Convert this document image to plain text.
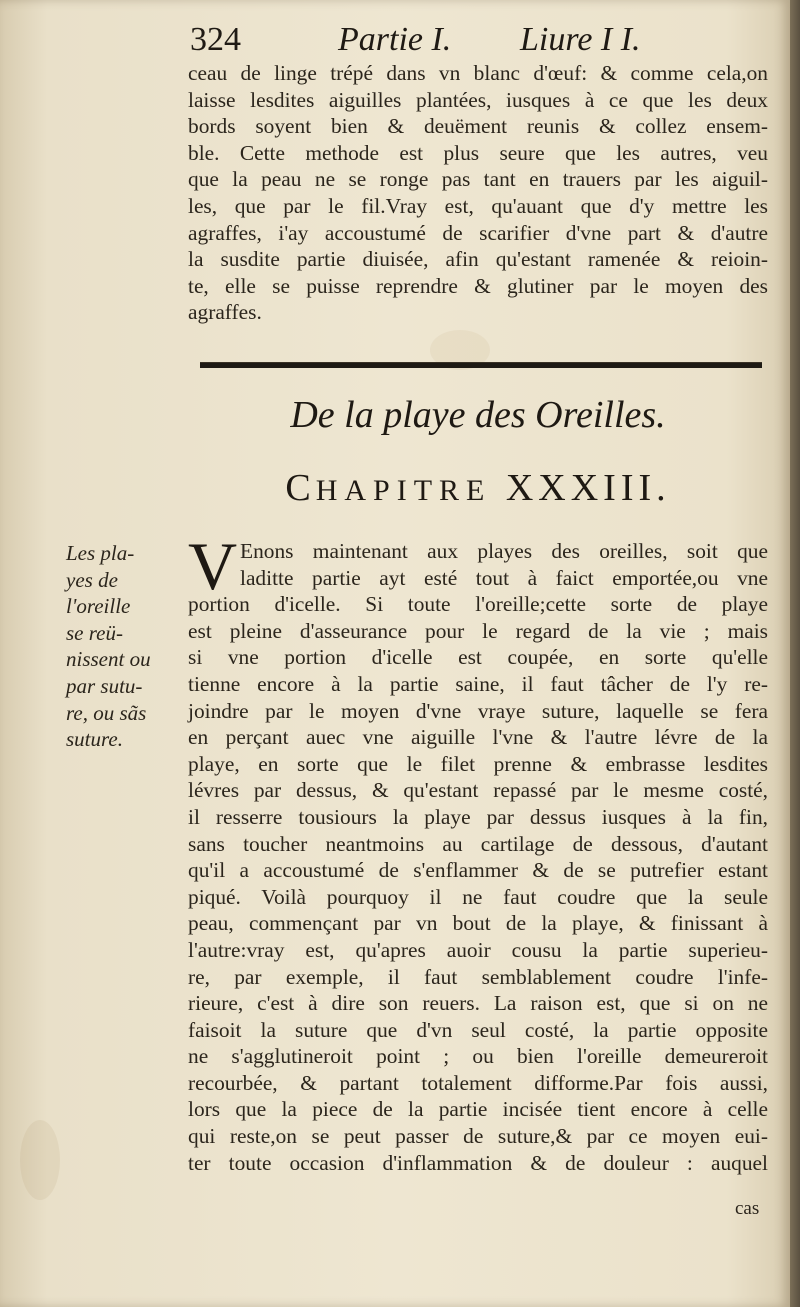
324	Partie I. Liure I I.
ceau de linge trépé dans vn blanc d'œuf: & comme cela,on
laisse lesdites aiguilles plantées, iusques à ce que les deux
bords soyent bien & deuëment reunis & collez ensem-
ble. Cette methode est plus seure que les autres, veu
que la peau ne se ronge pas tant en trauers par les aiguil-
les, que par le fil.Vray est, qu'auant que d'y mettre les
agraffes, i'ay accoustumé de scarifier d'vne part & d'autre
la susdite partie diuisée, afin qu'estant ramenée & reioin-
te, elle se puisse reprendre & glutiner par le moyen des
agraffes.
De la playe des Oreilles.
CHAPITRE XXXIII.
Les pla-
yes de
l'oreille
se reü-
nissent ou
par sutu-
re, ou sãs
suture.
V Enons maintenant aux playes des oreilles, soit que
laditte partie ayt esté tout à faict emportée,ou vne
portion d'icelle. Si toute l'oreille;cette sorte de playe
est pleine d'asseurance pour le regard de la vie ; mais
si vne portion d'icelle est coupée, en sorte qu'elle
tienne encore à la partie saine, il faut tâcher de l'y re-
joindre par le moyen d'vne vraye suture, laquelle se fera
en perçant auec vne aiguille l'vne & l'autre lévre de la
playe, en sorte que le filet prenne & embrasse lesdites
lévres par dessus, & qu'estant repassé par le mesme costé,
il resserre tousiours la playe par dessus iusques à la fin,
sans toucher neantmoins au cartilage de dessous, d'autant
qu'il a accoustumé de s'enflammer & de se putrefier estant
piqué. Voilà pourquoy il ne faut coudre que la seule
peau, commençant par vn bout de la playe, & finissant à
l'autre:vray est, qu'apres auoir cousu la partie superieu-
re, par exemple, il faut semblablement coudre l'infe-
rieure, c'est à dire son reuers. La raison est, que si on ne
faisoit la suture que d'vn seul costé, la partie opposite
ne s'agglutineroit point ; ou bien l'oreille demeureroit
recourbée, & partant totalement difforme.Par fois aussi,
lors que la piece de la partie incisée tient encore à celle
qui reste,on se peut passer de suture,& par ce moyen eui-
ter toute occasion d'inflammation & de douleur : auquel
cas
